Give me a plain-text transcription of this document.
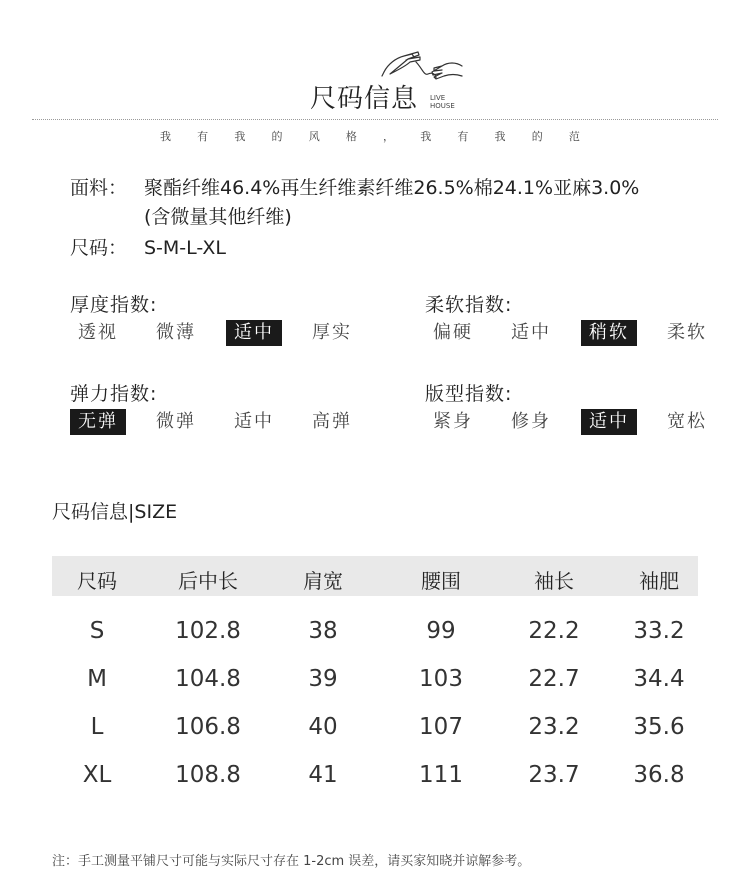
尺码信息 LIVE
HOUSE
我 有 我 的 风 格 ， 我 有 我 的 范
面料： 聚酯纤维46.4%再生纤维素纤维26.5%棉24.1%亚麻3.0%
(含微量其他纤维)
尺码： S-M-L-XL
厚度指数:
透视	微薄	适中	厚实
柔软指数:
偏硬	适中	稍软	柔软
弹力指数:
无弹	微弹	适中	高弹
版型指数:
紧身	修身	适中	宽松
尺码信息|SIZE
尺码	后中长	肩宽	腰围	袖长	袖肥
S	102.8	38	99	22.2	33.2
M	104.8	39	103	22.7	34.4
L	106.8	40	107	23.2	35.6
XL	108.8	41	111	23.7	36.8
注：手工测量平铺尺寸可能与实际尺寸存在 1-2cm 误差，请买家知晓并谅解参考。
